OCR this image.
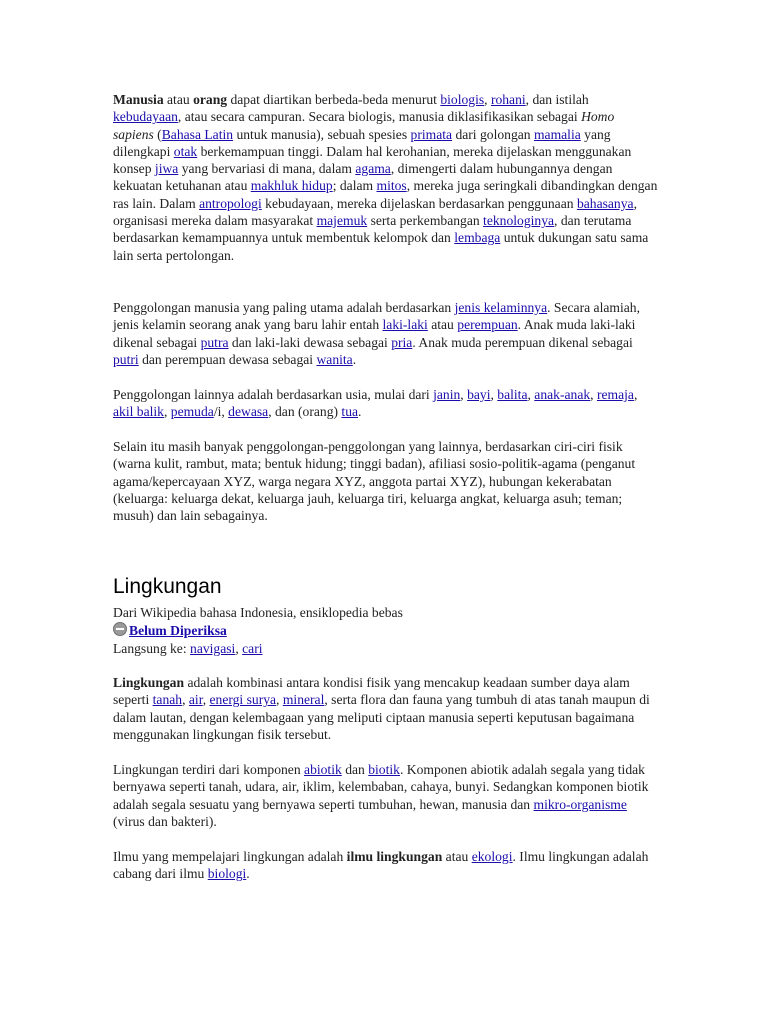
Manusia atau orang dapat diartikan berbeda-beda menurut biologis, rohani, dan istilah kebudayaan, atau secara campuran. Secara biologis, manusia diklasifikasikan sebagai Homo sapiens (Bahasa Latin untuk manusia), sebuah spesies primata dari golongan mamalia yang dilengkapi otak berkemampuan tinggi. Dalam hal kerohanian, mereka dijelaskan menggunakan konsep jiwa yang bervariasi di mana, dalam agama, dimengerti dalam hubungannya dengan kekuatan ketuhanan atau makhluk hidup; dalam mitos, mereka juga seringkali dibandingkan dengan ras lain. Dalam antropologi kebudayaan, mereka dijelaskan berdasarkan penggunaan bahasanya, organisasi mereka dalam masyarakat majemuk serta perkembangan teknologinya, dan terutama berdasarkan kemampuannya untuk membentuk kelompok dan lembaga untuk dukungan satu sama lain serta pertolongan.

Penggolongan manusia yang paling utama adalah berdasarkan jenis kelaminnya. Secara alamiah, jenis kelamin seorang anak yang baru lahir entah laki-laki atau perempuan. Anak muda laki-laki dikenal sebagai putra dan laki-laki dewasa sebagai pria. Anak muda perempuan dikenal sebagai putri dan perempuan dewasa sebagai wanita.

Penggolongan lainnya adalah berdasarkan usia, mulai dari janin, bayi, balita, anak-anak, remaja, akil balik, pemuda/i, dewasa, dan (orang) tua.

Selain itu masih banyak penggolongan-penggolongan yang lainnya, berdasarkan ciri-ciri fisik (warna kulit, rambut, mata; bentuk hidung; tinggi badan), afiliasi sosio-politik-agama (penganut agama/kepercayaan XYZ, warga negara XYZ, anggota partai XYZ), hubungan kekerabatan (keluarga: keluarga dekat, keluarga jauh, keluarga tiri, keluarga angkat, keluarga asuh; teman; musuh) dan lain sebagainya.

Lingkungan
Dari Wikipedia bahasa Indonesia, ensiklopedia bebas
Belum Diperiksa
Langsung ke: navigasi, cari

Lingkungan adalah kombinasi antara kondisi fisik yang mencakup keadaan sumber daya alam seperti tanah, air, energi surya, mineral, serta flora dan fauna yang tumbuh di atas tanah maupun di dalam lautan, dengan kelembagaan yang meliputi ciptaan manusia seperti keputusan bagaimana menggunakan lingkungan fisik tersebut.

Lingkungan terdiri dari komponen abiotik dan biotik. Komponen abiotik adalah segala yang tidak bernyawa seperti tanah, udara, air, iklim, kelembaban, cahaya, bunyi. Sedangkan komponen biotik adalah segala sesuatu yang bernyawa seperti tumbuhan, hewan, manusia dan mikro-organisme (virus dan bakteri).

Ilmu yang mempelajari lingkungan adalah ilmu lingkungan atau ekologi. Ilmu lingkungan adalah cabang dari ilmu biologi.
